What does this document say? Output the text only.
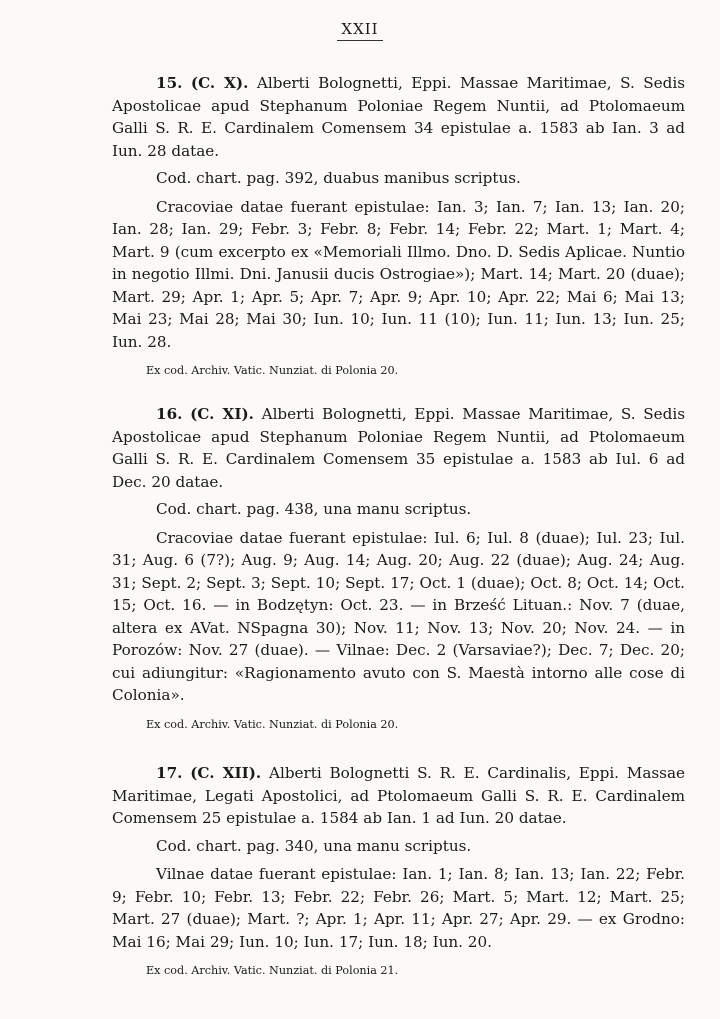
XXII

15. (C. X). Alberti Bolognetti, Eppi. Massae Maritimae, S. Sedis Apostolicae apud Stephanum Poloniae Regem Nuntii, ad Ptolomaeum Galli S. R. E. Cardinalem Comensem 34 epistulae a. 1583 ab Ian. 3 ad Iun. 28 datae.

Cod. chart. pag. 392, duabus manibus scriptus.

Cracoviae datae fuerant epistulae: Ian. 3; Ian. 7; Ian. 13; Ian. 20; Ian. 28; Ian. 29; Febr. 3; Febr. 8; Febr. 14; Febr. 22; Mart. 1; Mart. 4; Mart. 9 (cum excerpto ex «Memoriali Illmo. Dno. D. Sedis Aplicae. Nuntio in negotio Illmi. Dni. Janusii ducis Ostrogiae»); Mart. 14; Mart. 20 (duae); Mart. 29; Apr. 1; Apr. 5; Apr. 7; Apr. 9; Apr. 10; Apr. 22; Mai 6; Mai 13; Mai 23; Mai 28; Mai 30; Iun. 10; Iun. 11 (10); Iun. 11; Iun. 13; Iun. 25; Iun. 28.

Ex cod. Archiv. Vatic. Nunziat. di Polonia 20.

16. (C. XI). Alberti Bolognetti, Eppi. Massae Maritimae, S. Sedis Apostolicae apud Stephanum Poloniae Regem Nuntii, ad Ptolomaeum Galli S. R. E. Cardinalem Comensem 35 epistulae a. 1583 ab Iul. 6 ad Dec. 20 datae.

Cod. chart. pag. 438, una manu scriptus.

Cracoviae datae fuerant epistulae: Iul. 6; Iul. 8 (duae); Iul. 23; Iul. 31; Aug. 6 (7?); Aug. 9; Aug. 14; Aug. 20; Aug. 22 (duae); Aug. 24; Aug. 31; Sept. 2; Sept. 3; Sept. 10; Sept. 17; Oct. 1 (duae); Oct. 8; Oct. 14; Oct. 15; Oct. 16. — in Bodzętyn: Oct. 23. — in Brześć Lituan.: Nov. 7 (duae, altera ex AVat. NSpagna 30); Nov. 11; Nov. 13; Nov. 20; Nov. 24. — in Porozów: Nov. 27 (duae). — Vilnae: Dec. 2 (Varsaviae?); Dec. 7; Dec. 20; cui adiungitur: «Ragionamento avuto con S. Maestà intorno alle cose di Colonia».

Ex cod. Archiv. Vatic. Nunziat. di Polonia 20.

17. (C. XII). Alberti Bolognetti S. R. E. Cardinalis, Eppi. Massae Maritimae, Legati Apostolici, ad Ptolomaeum Galli S. R. E. Cardinalem Comensem 25 epistulae a. 1584 ab Ian. 1 ad Iun. 20 datae.

Cod. chart. pag. 340, una manu scriptus.

Vilnae datae fuerant epistulae: Ian. 1; Ian. 8; Ian. 13; Ian. 22; Febr. 9; Febr. 10; Febr. 13; Febr. 22; Febr. 26; Mart. 5; Mart. 12; Mart. 25; Mart. 27 (duae); Mart. ?; Apr. 1; Apr. 11; Apr. 27; Apr. 29. — ex Grodno: Mai 16; Mai 29; Iun. 10; Iun. 17; Iun. 18; Iun. 20.

Ex cod. Archiv. Vatic. Nunziat. di Polonia 21.
